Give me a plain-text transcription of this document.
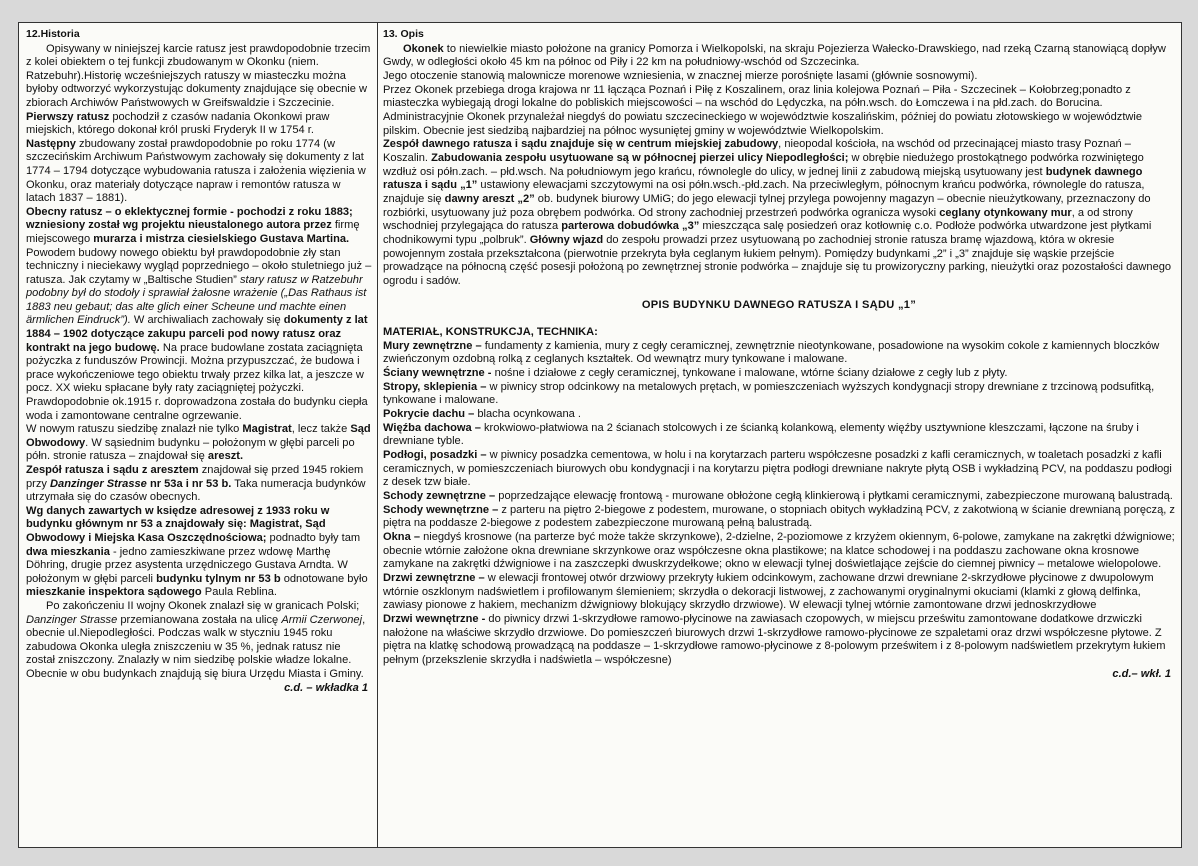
12.Historia

Opisywany w niniejszej karcie ratusz jest prawdopodobnie trzecim z kolei obiektem o tej funkcji zbudowanym w Okonku (niem. Ratzebuhr).Historię wcześniejszych ratuszy w miasteczku można byłoby odtworzyć wykorzystując dokumenty znajdujące się obecnie w zbiorach Archiwów Państwowych w Greifswaldzie i Szczecinie.

Pierwszy ratusz pochodził z czasów nadania Okonkowi praw miejskich, którego dokonał król pruski Fryderyk II w 1754 r.

Następny zbudowany został prawdopodobnie po roku 1774 (w szczecińskim Archiwum Państwowym zachowały się dokumenty z lat 1774 – 1794 dotyczące wybudowania ratusza i założenia więzienia w Okonku, oraz materiały dotyczące napraw i remontów ratusza w latach 1837 – 1881).

Obecny ratusz – o eklektycznej formie - pochodzi z roku 1883; wzniesiony został wg projektu nieustalonego autora przez firmę miejscowego murarza i mistrza ciesielskiego Gustava Martina. Powodem budowy nowego obiektu był prawdopodobnie zły stan techniczny i nieciekawy wygląd poprzedniego – około stuletniego już – ratusza. Jak czytamy w „Baltische Studien” stary ratusz w Ratzebuhr podobny był do stodoły i sprawiał żałosne wrażenie („Das Rathaus ist 1883 neu gebaut; das alte glich einer Scheune und machte einen ärmlichen Eindruck”). W archiwaliach zachowały się dokumenty z lat 1884 – 1902 dotyczące zakupu parceli pod nowy ratusz oraz kontrakt na jego budowę. Na prace budowlane zostata zaciągnięta pożyczka z funduszów Prowincji. Można przypuszczać, że budowa i prace wykończeniowe tego obiektu trwały przez kilka lat, a jeszcze w pocz. XX wieku spłacane były raty zaciągniętej pożyczki. Prawdopodobnie ok.1915 r. doprowadzona została do budynku ciepła woda i zamontowane centralne ogrzewanie.

W nowym ratuszu siedzibę znalazł nie tylko Magistrat, lecz także Sąd Obwodowy. W sąsiednim budynku – położonym w głębi parceli po półn. stronie ratusza – znajdował się areszt.

Zespół ratusza i sądu z aresztem znajdował się przed 1945 rokiem przy Danzinger Strasse nr 53a i nr 53 b. Taka numeracja budynków utrzymała się do czasów obecnych.

Wg danych zawartych w księdze adresowej z 1933 roku w budynku głównym nr 53 a znajdowały się: Magistrat, Sąd Obwodowy i Miejska Kasa Oszczędnościowa; podnadto były tam dwa mieszkania - jedno zamieszkiwane przez wdowę Marthę Döhring, drugie przez asystenta urzędniczego Gustava Arndta. W położonym w głębi parceli budynku tylnym nr 53 b odnotowane było mieszkanie inspektora sądowego Paula Reblina.

Po zakończeniu II wojny Okonek znalazł się w granicach Polski; Danzinger Strasse przemianowana została na ulicę Armii Czerwonej, obecnie ul.Niepodległości. Podczas walk w styczniu 1945 roku zabudowa Okonka uległa zniszczeniu w 35 %, jednak ratusz nie został zniszczony. Znalazły w nim siedzibę polskie władze lokalne. Obecnie w obu budynkach znajdują się biura Urzędu Miasta i Gminy.

c.d. – wkładka 1
13. Opis

Okonek to niewielkie miasto położone na granicy Pomorza i Wielkopolski, na skraju Pojezierza Wałecko-Drawskiego, nad rzeką Czarną stanowiącą dopływ Gwdy, w odległości około 45 km na północ od Piły i 22 km na południowy-wschód od Szczecinka.

Jego otoczenie stanowią malownicze morenowe wzniesienia, w znacznej mierze porośnięte lasami (głównie sosnowymi).

Przez Okonek przebiega droga krajowa nr 11 łącząca Poznań i Piłę z Koszalinem, oraz linia kolejowa Poznań – Piła - Szczecinek – Kołobrzeg;ponadto z miasteczka wybiegają drogi lokalne do pobliskich miejscowości – na wschód do Lędyczka, na półn.wsch. do Łomczewa i na płd.zach. do Borucina.

Administracyjnie Okonek przynależał niegdyś do powiatu szczecineckiego w województwie koszalińskim, później do powiatu złotowskiego w województwie pilskim. Obecnie jest siedzibą najbardziej na północ wysuniętej gminy w województwie Wielkopolskim.

Zespół dawnego ratusza i sądu znajduje się w centrum miejskiej zabudowy, nieopodal kościoła, na wschód od przecinającej miasto trasy Poznań – Koszalin. Zabudowania zespołu usytuowane są w północnej pierzei ulicy Niepodległości; w obrębie niedużego prostokątnego podwórka rozwiniętego wzdłuż osi półn.zach. – płd.wsch. Na południowym jego krańcu, równolegle do ulicy, w jednej linii z zabudową miejską usytuowany jest budynek dawnego ratusza i sądu „1” ustawiony elewacjami szczytowymi na osi półn.wsch.-płd.zach. Na przeciwległym, północnym krańcu podwórka, równolegle do ratusza, znajduje się dawny areszt „2” ob. budynek biurowy UMiG; do jego elewacji tylnej przylega powojenny magazyn – obecnie nieużytkowany, przeznaczony do rozbiórki, usytuowany już poza obrębem podwórka. Od strony zachodniej przestrzeń podwórka ogranicza wysoki ceglany otynkowany mur, a od strony wschodniej przylegająca do ratusza parterowa dobudówka „3” mieszcząca salę posiedzeń oraz kotłownię c.o. Podłoże podwórka utwardzone jest płytkami chodnikowymi typu „polbruk”. Główny wjazd do zespołu prowadzi przez usytuowaną po zachodniej stronie ratusza bramę wjazdową, która w okresie powojennym została przekształcona (pierwotnie przekryta była ceglanym łukiem pełnym). Pomiędzy budynkami „2” i „3” znajduje się wąskie przejście prowadzące na północną część posesji położoną po zewnętrznej stronie podwórka – znajduje się tu prowizoryczny parking, nieużytki oraz pozostałości dawnego ogrodu i sadów.

OPIS BUDYNKU DAWNEGO RATUSZA I SĄDU „1”
MATERIAŁ, KONSTRUKCJA, TECHNIKA:

Mury zewnętrzne – fundamenty z kamienia, mury z cegły ceramicznej, zewnętrznie nieotynkowane, posadowione na wysokim cokole z kamiennych bloczków zwieńczonym ozdobną rolką z ceglanych kształtek. Od wewnątrz mury tynkowane i malowane.

Ściany wewnętrzne - nośne i działowe z cegły ceramicznej, tynkowane i malowane, wtórne ściany działowe z cegły lub z płyty.

Stropy, sklepienia – w piwnicy strop odcinkowy na metalowych prętach, w pomieszczeniach wyższych kondygnacji stropy drewniane z trzcinową podsufitką, tynkowane i malowane.

Pokrycie dachu – blacha ocynkowana .

Więźba dachowa – krokwiowo-płatwiowa na 2 ścianach stolcowych i ze ścianką kolankową, elementy więźby usztywnione kleszczami, łączone na śruby i drewniane tyble.

Podłogi, posadzki – w piwnicy posadzka cementowa, w holu i na korytarzach parteru współczesne posadzki z kafli ceramicznych, w toaletach posadzki z kafli ceramicznych, w pomieszczeniach biurowych obu kondygnacji i na korytarzu piętra podłogi drewniane nakryte płytą OSB i wykładziną PCV, na poddaszu podłogi z desek tzw białe.

Schody zewnętrzne – poprzedzające elewację frontową - murowane obłożone cegłą klinkierową i płytkami ceramicznymi, zabezpieczone murowaną balustradą.

Schody wewnętrzne – z parteru na piętro 2-biegowe z podestem, murowane, o stopniach obitych wykładziną PCV, z zakotwioną w ścianie drewnianą poręczą, z piętra na poddasze 2-biegowe z podestem zabezpieczone murowaną pełną balustradą.

Okna – niegdyś krosnowe (na parterze być może także skrzynkowe), 2-dzielne, 2-poziomowe z krzyżem okiennym, 6-polowe, zamykane na zakrętki dźwigniowe; obecnie wtórnie założone okna drewniane skrzynkowe oraz współczesne okna plastikowe; na klatce schodowej i na poddaszu zachowane okna krosnowe zamykane na zakrętki dźwigniowe i na zaszczepki dwuskrzydełkowe; okno w elewacji tylnej doświetlające zejście do ciemnej piwnicy – metalowe wielopolowe.

Drzwi zewnętrzne – w elewacji frontowej otwór drzwiowy przekryty łukiem odcinkowym, zachowane drzwi drewniane 2-skrzydłowe płycinowe z dwupolowym wtórnie oszklonym nadświetlem i profilowanym ślemieniem; skrzydła o dekoracji listwowej, z zachowanymi oryginalnymi okuciami (klamki z głową delfinka, zawiasy pionowe z hakiem, mechanizm dźwigniowy blokujący skrzydło drzwiowe). W elewacji tylnej wtórnie zamontowane drzwi jednoskrzydłowe

Drzwi wewnętrzne - do piwnicy drzwi 1-skrzydłowe ramowo-płycinowe na zawiasach czopowych, w miejscu prześwitu zamontowane dodatkowe drzwiczki nałożone na właściwe skrzydło drzwiowe. Do pomieszczeń biurowych drzwi 1-skrzydłowe ramowo-płycinowe ze szpaletami oraz drzwi współczesne płytowe. Z piętra na klatkę schodową prowadzącą na poddasze – 1-skrzydłowe ramowo-płycinowe z 8-polowym prześwitem i z 8-polowym nadświetlem przekrytym łukiem pełnym (przekszlenie skrzydła i nadświetla – współczesne)

c.d.– wkł. 1
